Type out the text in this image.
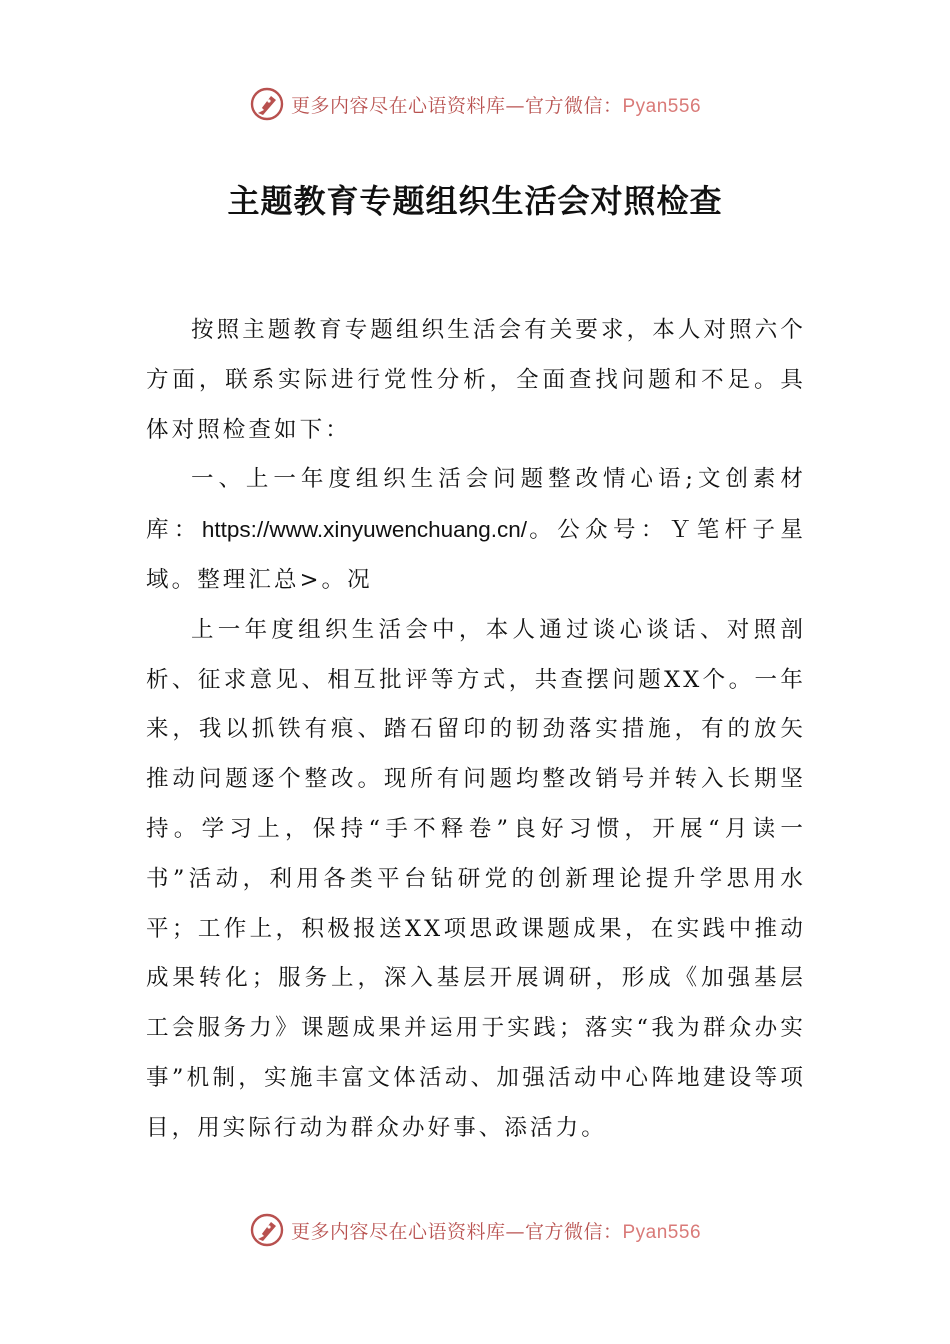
更多内容尽在心语资料库—官方微信：Pyan556
主题教育专题组织生活会对照检查

按照主题教育专题组织生活会有关要求，本人对照六个方面，联系实际进行党性分析，全面查找问题和不足。具体对照检查如下：

一、上一年度组织生活会问题整改情心语;文创素材库：https://www.xinyuwenchuang.cn/。公众号：Ｙ笔杆子星域。整理汇总>。况

上一年度组织生活会中，本人通过谈心谈话、对照剖析、征求意见、相互批评等方式，共查摆问题XX个。一年来，我以抓铁有痕、踏石留印的韧劲落实措施，有的放矢推动问题逐个整改。现所有问题均整改销号并转入长期坚持。学习上，保持“手不释卷”良好习惯，开展“月读一书”活动，利用各类平台钻研党的创新理论提升学思用水平；工作上，积极报送XX项思政课题成果，在实践中推动成果转化；服务上，深入基层开展调研，形成《加强基层工会服务力》课题成果并运用于实践；落实“我为群众办实事”机制，实施丰富文体活动、加强活动中心阵地建设等项目，用实际行动为群众办好事、添活力。

更多内容尽在心语资料库—官方微信：Pyan556
